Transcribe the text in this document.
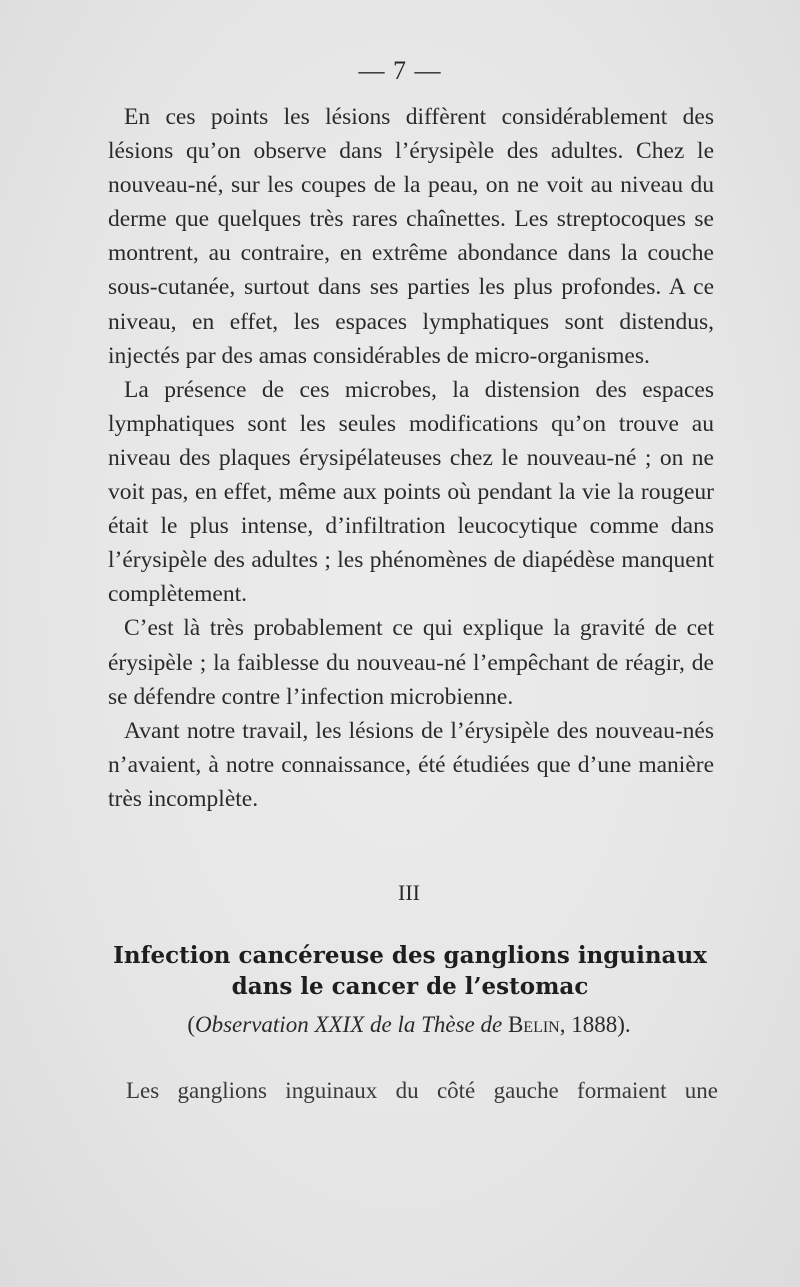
— 7 —

En ces points les lésions diffèrent considérablement des lésions qu’on observe dans l’érysipèle des adultes. Chez le nouveau-né, sur les coupes de la peau, on ne voit au niveau du derme que quelques très rares chaînettes. Les streptocoques se montrent, au contraire, en extrême abondance dans la couche sous-cutanée, surtout dans ses parties les plus profondes. A ce niveau, en effet, les espaces lymphatiques sont distendus, injectés par des amas considérables de micro-organismes.

La présence de ces microbes, la distension des espaces lymphatiques sont les seules modifications qu’on trouve au niveau des plaques érysipélateuses chez le nouveau-né ; on ne voit pas, en effet, même aux points où pendant la vie la rougeur était le plus intense, d’infiltration leucocytique comme dans l’érysipèle des adultes ; les phénomènes de diapédèse manquent complètement.

C’est là très probablement ce qui explique la gravité de cet érysipèle ; la faiblesse du nouveau-né l’empêchant de réagir, de se défendre contre l’infection microbienne.

Avant notre travail, les lésions de l’érysipèle des nouveau-nés n’avaient, à notre connaissance, été étudiées que d’une manière très incomplète.

III
Infection cancéreuse des ganglions inguinaux
dans le cancer de l’estomac
(Observation XXIX de la Thèse de Belin, 1888).

Les ganglions inguinaux du côté gauche formaient une
